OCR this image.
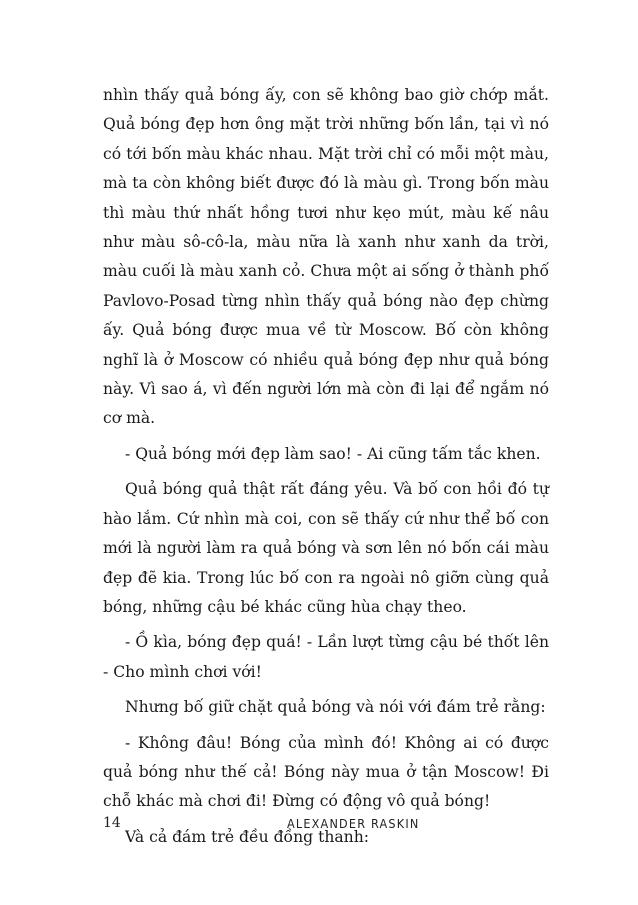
nhìn thấy quả bóng ấy, con sẽ không bao giờ chớp mắt. Quả bóng đẹp hơn ông mặt trời những bốn lần, tại vì nó có tới bốn màu khác nhau. Mặt trời chỉ có mỗi một màu, mà ta còn không biết được đó là màu gì. Trong bốn màu thì màu thứ nhất hồng tươi như kẹo mút, màu kế nâu như màu sô-cô-la, màu nữa là xanh như xanh da trời, màu cuối là màu xanh cỏ. Chưa một ai sống ở thành phố Pavlovo-Posad từng nhìn thấy quả bóng nào đẹp chừng ấy. Quả bóng được mua về từ Moscow. Bố còn không nghĩ là ở Moscow có nhiều quả bóng đẹp như quả bóng này. Vì sao á, vì đến người lớn mà còn đi lại để ngắm nó cơ mà.

- Quả bóng mới đẹp làm sao! - Ai cũng tấm tắc khen.

Quả bóng quả thật rất đáng yêu. Và bố con hồi đó tự hào lắm. Cứ nhìn mà coi, con sẽ thấy cứ như thể bố con mới là người làm ra quả bóng và sơn lên nó bốn cái màu đẹp đẽ kia. Trong lúc bố con ra ngoài nô giỡn cùng quả bóng, những cậu bé khác cũng hùa chạy theo.

- Ồ kìa, bóng đẹp quá! - Lần lượt từng cậu bé thốt lên - Cho mình chơi với!

Nhưng bố giữ chặt quả bóng và nói với đám trẻ rằng:

- Không đâu! Bóng của mình đó! Không ai có được quả bóng như thế cả! Bóng này mua ở tận Moscow! Đi chỗ khác mà chơi đi! Đừng có động vô quả bóng!

Và cả đám trẻ đều đồng thanh:

14	ALEXANDER RASKIN
